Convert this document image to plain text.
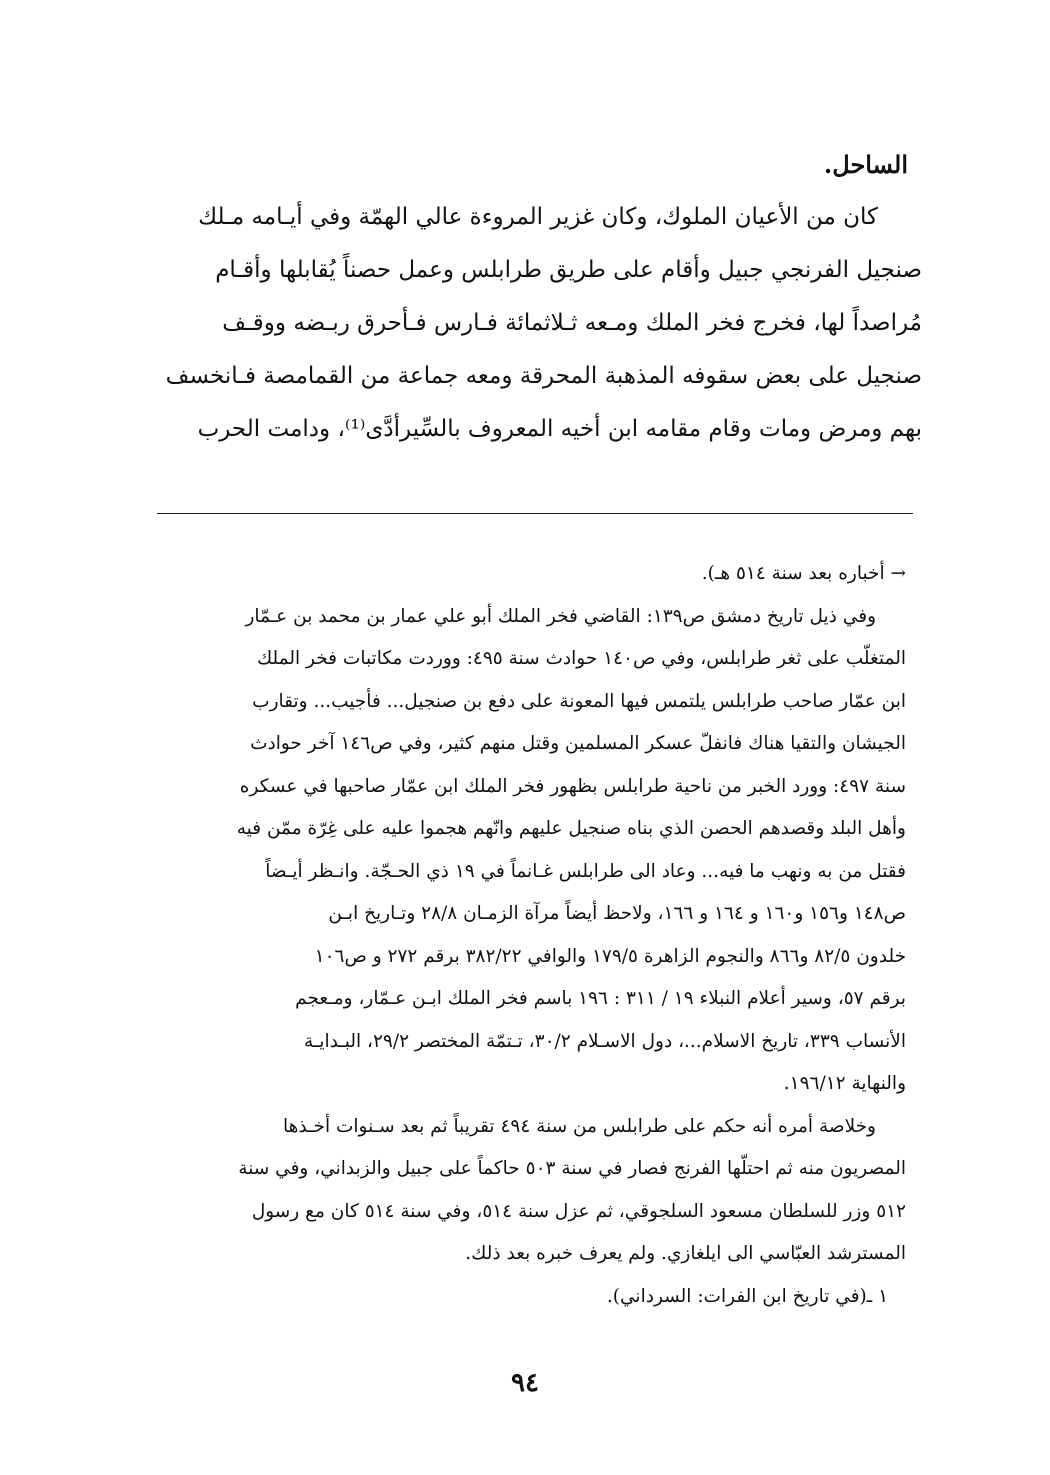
الساحل.
كان من الأعيان الملوك، وكان غزير المروءة عالي الهمّة وفي أيـامه مـلك
صنجيل الفرنجي جبيل وأقام على طريق طرابلس وعمل حصناً يُقابلها وأقـام
مُراصداً لها، فخرج فخر الملك ومـعه ثـلاثمائة فـارس فـأحرق ربـضه ووقـف
صنجيل على بعض سقوفه المذهبة المحرقة ومعه جماعة من القمامصة فـانخسف
بهم ومرض ومات وقام مقامه ابن أخيه المعروف بالسِّيرأدَّى⁽¹⁾، ودامت الحرب
→ أخباره بعد سنة ٥١٤ هـ).
وفي ذيل تاريخ دمشق ص١٣٩: القاضي فخر الملك أبو علي عمار بن محمد بن عـمّار
المتغلّب على ثغر طرابلس، وفي ص١٤٠ حوادث سنة ٤٩٥: ووردت مكاتبات فخر الملك
ابن عمّار صاحب طرابلس يلتمس فيها المعونة على دفع بن صنجيل... فأجيب... وتقارب
الجيشان والتقيا هناك فانفلّ عسكر المسلمين وقتل منهم كثير، وفي ص١٤٦ آخر حوادث
سنة ٤٩٧: وورد الخبر من ناحية طرابلس بظهور فخر الملك ابن عمّار صاحبها في عسكره
وأهل البلد وقصدهم الحصن الذي بناه صنجيل عليهم وانّهم هجموا عليه على غِرّة ممّن فيه
فقتل من به ونهب ما فيه... وعاد الى طرابلس غـانماً في ١٩ ذي الحـجّة. وانـظر أيـضاً
ص١٤٨ و١٥٦ و١٦٠ و ١٦٤ و ١٦٦، ولاحظ أيضاً مرآة الزمـان ٢٨/٨ وتـاريخ ابـن
خلدون ٨٢/٥ و٨٦٦ والنجوم الزاهرة ١٧٩/٥ والوافي ٣٨٢/٢٢ برقم ٢٧٢ و ص١٠٦
برقم ٥٧، وسير أعلام النبلاء ١٩ / ٣١١ : ١٩٦ باسم فخر الملك ابـن عـمّار، ومـعجم
الأنساب ٣٣٩، تاريخ الاسلام...، دول الاسـلام ٣٠/٢، تـتمّة المختصر ٢٩/٢، البـدايـة
والنهاية ١٩٦/١٢.
وخلاصة أمره أنه حكم على طرابلس من سنة ٤٩٤ تقريباً ثم بعد سـنوات أخـذها
المصريون منه ثم احتلّها الفرنج فصار في سنة ٥٠٣ حاكماً على جبيل والزبداني، وفي سنة
٥١٢ وزر للسلطان مسعود السلجوقي، ثم عزل سنة ٥١٤، وفي سنة ٥١٤ كان مع رسول
المسترشد العبّاسي الى ايلغازي. ولم يعرف خبره بعد ذلك.
١ ـ(في تاريخ ابن الفرات: السرداني).
٩٤
